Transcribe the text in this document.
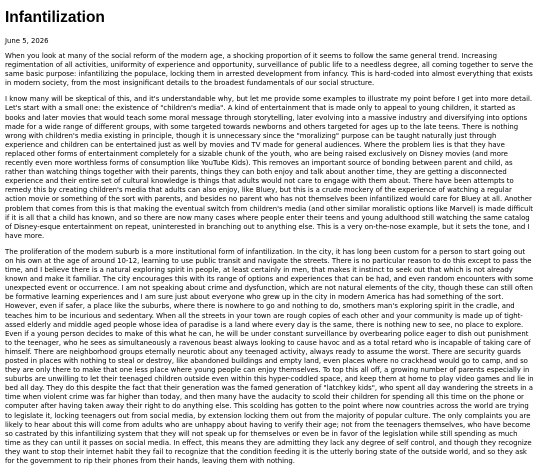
Infantilization
June 5, 2026

When you look at many of the social reform of the modern age, a shocking proportion of it seems to follow the same general trend. Increasing regimentation of all activities, uniformity of experience and opportunity, surveillance of public life to a needless degree, all coming together to serve the same basic purpose: infantilizing the populace, locking them in arrested development from infancy. This is hard-coded into almost everything that exists in modern society, from the most insignificant details to the broadest fundamentals of our social structure.

I know many will be skeptical of this, and it's understandable why, but let me provide some examples to illustrate my point before I get into more detail. Let's start with a small one: the existence of "children's media". A kind of entertainment that is made only to appeal to young children, it started as books and later movies that would teach some moral message through storytelling, later evolving into a massive industry and diversifying into options made for a wide range of different groups, with some targeted towards newborns and others targeted for ages up to the late teens. There is nothing wrong with children's media existing in principle, though it is unnecessary since the "moralizing" purpose can be taught naturally just through experience and children can be entertained just as well by movies and TV made for general audiences. Where the problem lies is that they have replaced other forms of entertainment completely for a sizable chunk of the youth, who are being raised exclusively on Disney movies (and more recently even more worthless forms of consumption like YouTube Kids). This removes an important source of bonding between parent and child, as rather than watching things together with their parents, things they can both enjoy and talk about another time, they are getting a disconnected experience and their entire set of cultural knowledge is things that adults would not care to engage with them about. There have been attempts to remedy this by creating children's media that adults can also enjoy, like Bluey, but this is a crude mockery of the experience of watching a regular action movie or something of the sort with parents, and besides no parent who has not themselves been infantilized would care for Bluey at all. Another problem that comes from this is that making the eventual switch from children's media (and other similar moralistic options like Marvel) is made difficult if it is all that a child has known, and so there are now many cases where people enter their teens and young adulthood still watching the same catalog of Disney-esque entertainment on repeat, uninterested in branching out to anything else. This is a very on-the-nose example, but it sets the tone, and I have more.

The proliferation of the modern suburb is a more institutional form of infantilization. In the city, it has long been custom for a person to start going out on his own at the age of around 10-12, learning to use public transit and navigate the streets. There is no particular reason to do this except to pass the time, and I believe there is a natural exploring spirit in people, at least certainly in men, that makes it instinct to seek out that which is not already known and make it familiar. The city encourages this with its range of options and experiences that can be had, and even random encounters with some unexpected event or occurrence. I am not speaking about crime and dysfunction, which are not natural elements of the city, though these can still often be formative learning experiences and I am sure just about everyone who grew up in the city in modern America has had something of the sort. However, even if safer, a place like the suburbs, where there is nowhere to go and nothing to do, smothers man's exploring spirit in the cradle, and teaches him to be incurious and sedentary. When all the streets in your town are rough copies of each other and your community is made up of tight-assed elderly and middle aged people whose idea of paradise is a land where every day is the same, there is nothing new to see, no place to explore. Even if a young person decides to make of this what he can, he will be under constant surveillance by overbearing police eager to dish out punishment to the teenager, who he sees as simultaneously a ravenous beast always looking to cause havoc and as a total retard who is incapable of taking care of himself. There are neighborhood groups eternally neurotic about any teenaged activity, always ready to assume the worst. There are security guards posted in places with nothing to steal or destroy, like abandoned buildings and empty land, even places where no crackhead would go to camp, and so they are only there to make that one less place where young people can enjoy themselves. To top this all off, a growing number of parents especially in suburbs are unwilling to let their teenaged children outside even within this hyper-coddled space, and keep them at home to play video games and lie in bed all day. They do this despite the fact that their generation was the famed generation of "latchkey kids", who spent all day wandering the streets in a time when violent crime was far higher than today, and then many have the audacity to scold their children for spending all this time on the phone or computer after having taken away their right to do anything else. This scolding has gotten to the point where now countries across the world are trying to legislate it, locking teenagers out from social media, by extension locking them out from the majority of popular culture. The only complaints you are likely to hear about this will come from adults who are unhappy about having to verify their age; not from the teenagers themselves, who have become so castrated by this infantilizing system that they will not speak up for themselves or even be in favor of the legislation while still spending as much time as they can until it passes on social media. In effect, this means they are admitting they lack any degree of self control, and though they recognize they want to stop their internet habit they fail to recognize that the condition feeding it is the utterly boring state of the outside world, and so they ask for the government to rip their phones from their hands, leaving them with nothing.
